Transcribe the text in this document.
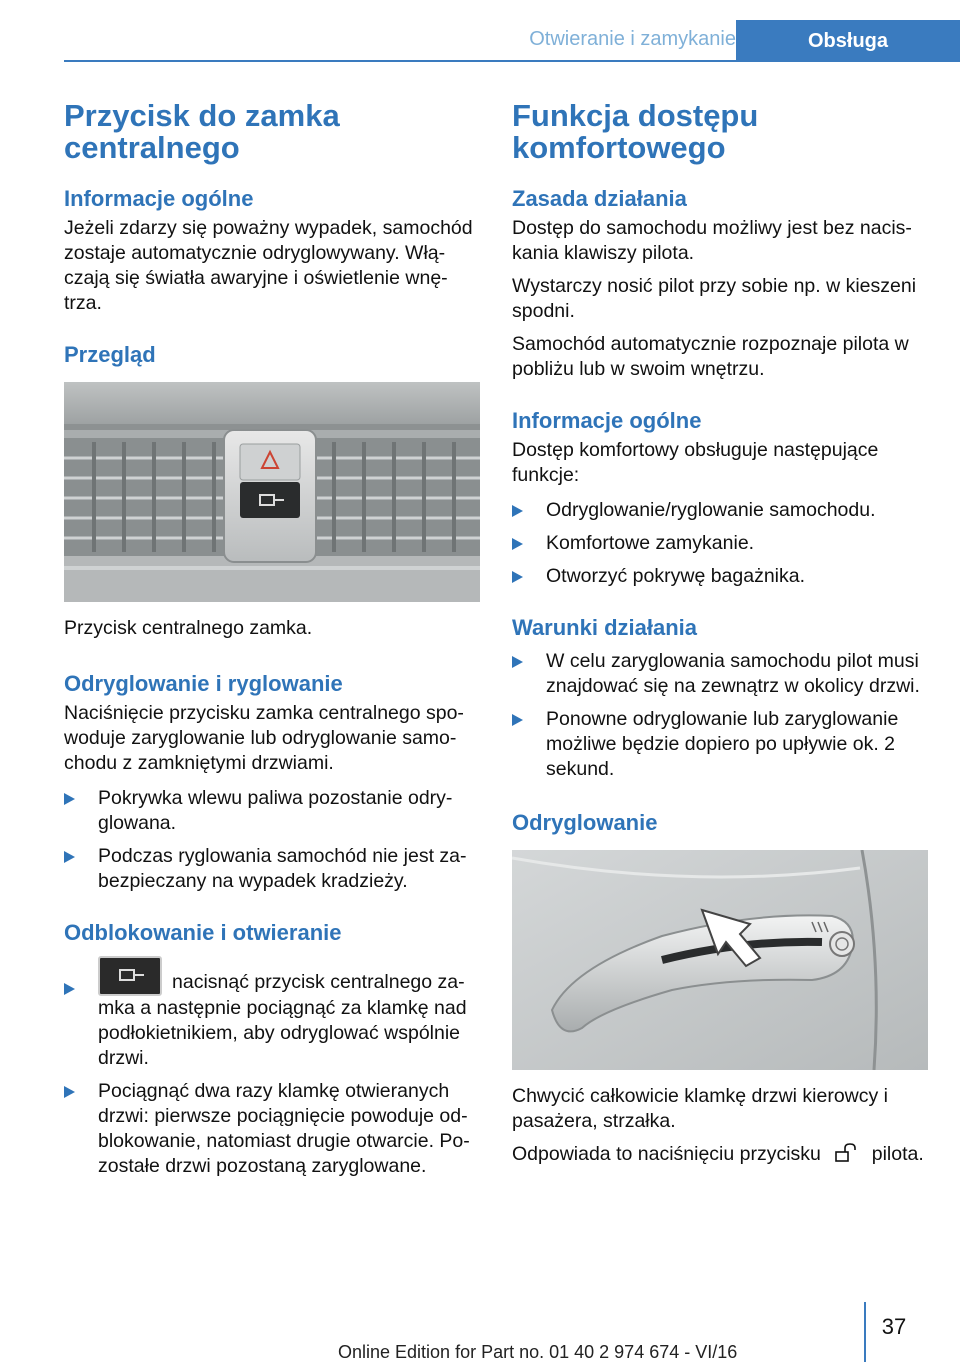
Otwieranie i zamykanie	Obsługa
Przycisk do zamka centralnego
Informacje ogólne

Jeżeli zdarzy się poważny wypadek, samochód zostaje automatycznie odryglowywany. Włą-czają się światła awaryjne i oświetlenie wnę-trza.

Przegląd

Przycisk centralnego zamka.

Odryglowanie i ryglowanie

Naciśnięcie przycisku zamka centralnego spo-woduje zaryglowanie lub odryglowanie samo-chodu z zamkniętymi drzwiami.

Pokrywka wlewu paliwa pozostanie odry-glowana.
Podczas ryglowania samochód nie jest za-bezpieczany na wypadek kradzieży.
Odblokowanie i otwieranie
nacisnąć przycisk centralnego za-mka a następnie pociągnąć za klamkę nad podłokietnikiem, aby odryglować wspólnie drzwi.
Pociągnąć dwa razy klamkę otwieranych drzwi: pierwsze pociągnięcie powoduje od-blokowanie, natomiast drugie otwarcie. Po-zostałe drzwi pozostaną zaryglowane.
Funkcja dostępu komfortowego
Zasada działania

Dostęp do samochodu możliwy jest bez nacis-kania klawiszy pilota.

Wystarczy nosić pilot przy sobie np. w kieszeni spodni.

Samochód automatycznie rozpoznaje pilota w pobliżu lub w swoim wnętrzu.

Informacje ogólne

Dostęp komfortowy obsługuje następujące funkcje:

Odryglowanie/ryglowanie samochodu.
Komfortowe zamykanie.
Otworzyć pokrywę bagażnika.
Warunki działania
W celu zaryglowania samochodu pilot musi znajdować się na zewnątrz w okolicy drzwi.
Ponowne odryglowanie lub zaryglowanie możliwe będzie dopiero po upływie ok. 2 sekund.
Odryglowanie

Chwycić całkowicie klamkę drzwi kierowcy i pasażera, strzałka.

Odpowiada to naciśnięciu przycisku	pilota.

37
Online Edition for Part no. 01 40 2 974 674 - VI/16
